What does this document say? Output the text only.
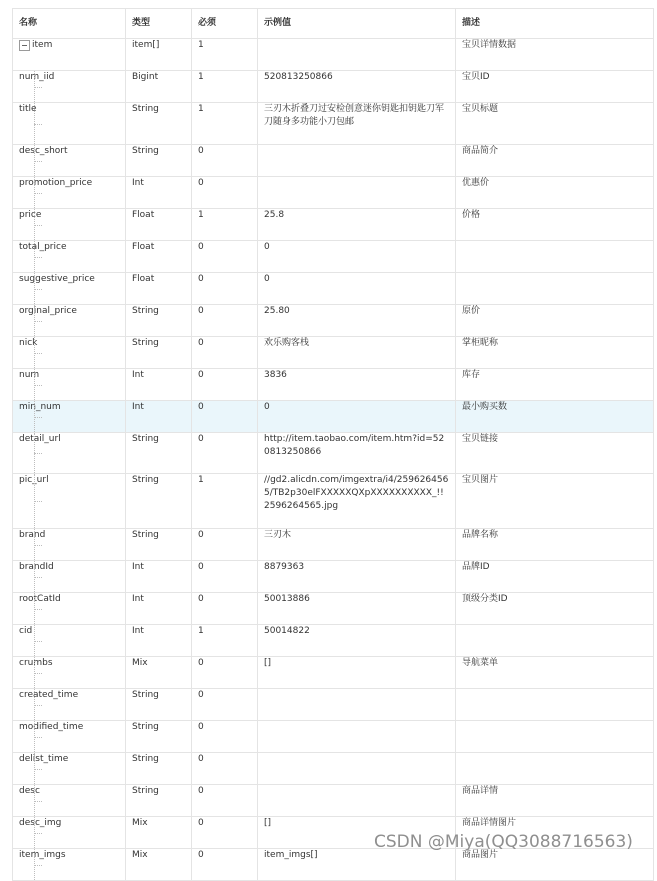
名称	类型	必须	示例值	描述
item	item[]	1		宝贝详情数据

num_iid	Bigint	1	520813250866	宝贝ID

title	String	1	三刃木折叠刀过安检创意迷你钥匙扣钥匙刀军刀随身多功能小刀包邮	宝贝标题

desc_short	String	0		商品简介

promotion_price	Int	0		优惠价

price	Float	1	25.8	价格

total_price	Float	0	0	

suggestive_price	Float	0	0	

orginal_price	String	0	25.80	原价

nick	String	0	欢乐购客栈	掌柜昵称

num	Int	0	3836	库存

min_num	Int	0	0	最小购买数

detail_url	String	0	http://item.taobao.com/item.htm?id=520813250866	宝贝链接

pic_url	String	1	//gd2.alicdn.com/imgextra/i4/2596264565/TB2p30elFXXXXXQXpXXXXXXXXXX_!!2596264565.jpg	宝贝图片

brand	String	0	三刃木	品牌名称

brandId	Int	0	8879363	品牌ID

rootCatId	Int	0	50013886	顶级分类ID

cid	Int	1	50014822	

crumbs	Mix	0	[]	导航菜单

created_time	String	0		

modified_time	String	0		

delist_time	String	0		

desc	String	0		商品详情

desc_img	Mix	0	[]	商品详情图片

item_imgs	Mix	0	item_imgs[]	商品图片
CSDN @Miya(QQ3088716563)
